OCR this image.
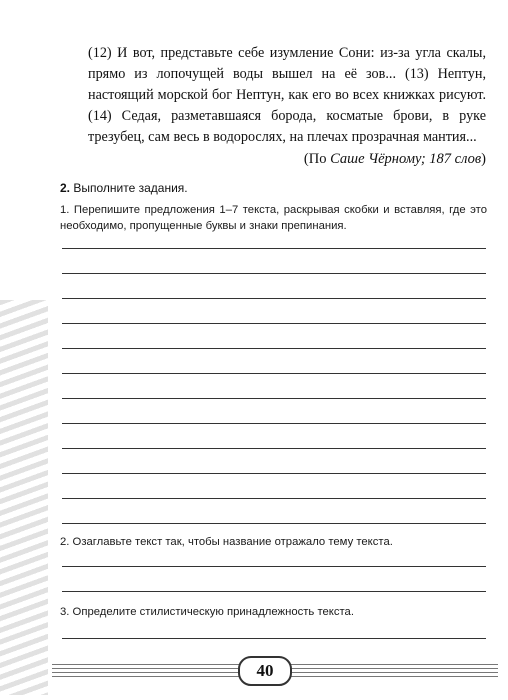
(12) И вот, представьте себе изумление Сони: из-за угла скалы, прямо из лопочущей воды вышел на её зов... (13) Нептун, настоящий морской бог Нептун, как его во всех книжках рисуют. (14) Седая, разметавшаяся борода, косматые брови, в руке трезубец, сам весь в водорослях, на плечах прозрачная мантия...

(По Саше Чёрному; 187 слов)
2. Выполните задания.
1. Перепишите предложения 1–7 текста, раскрывая скобки и вставляя, где это необходимо, пропущенные буквы и знаки препинания.
2. Озаглавьте текст так, чтобы название отражало тему текста.
3. Определите стилистическую принадлежность текста.
40
